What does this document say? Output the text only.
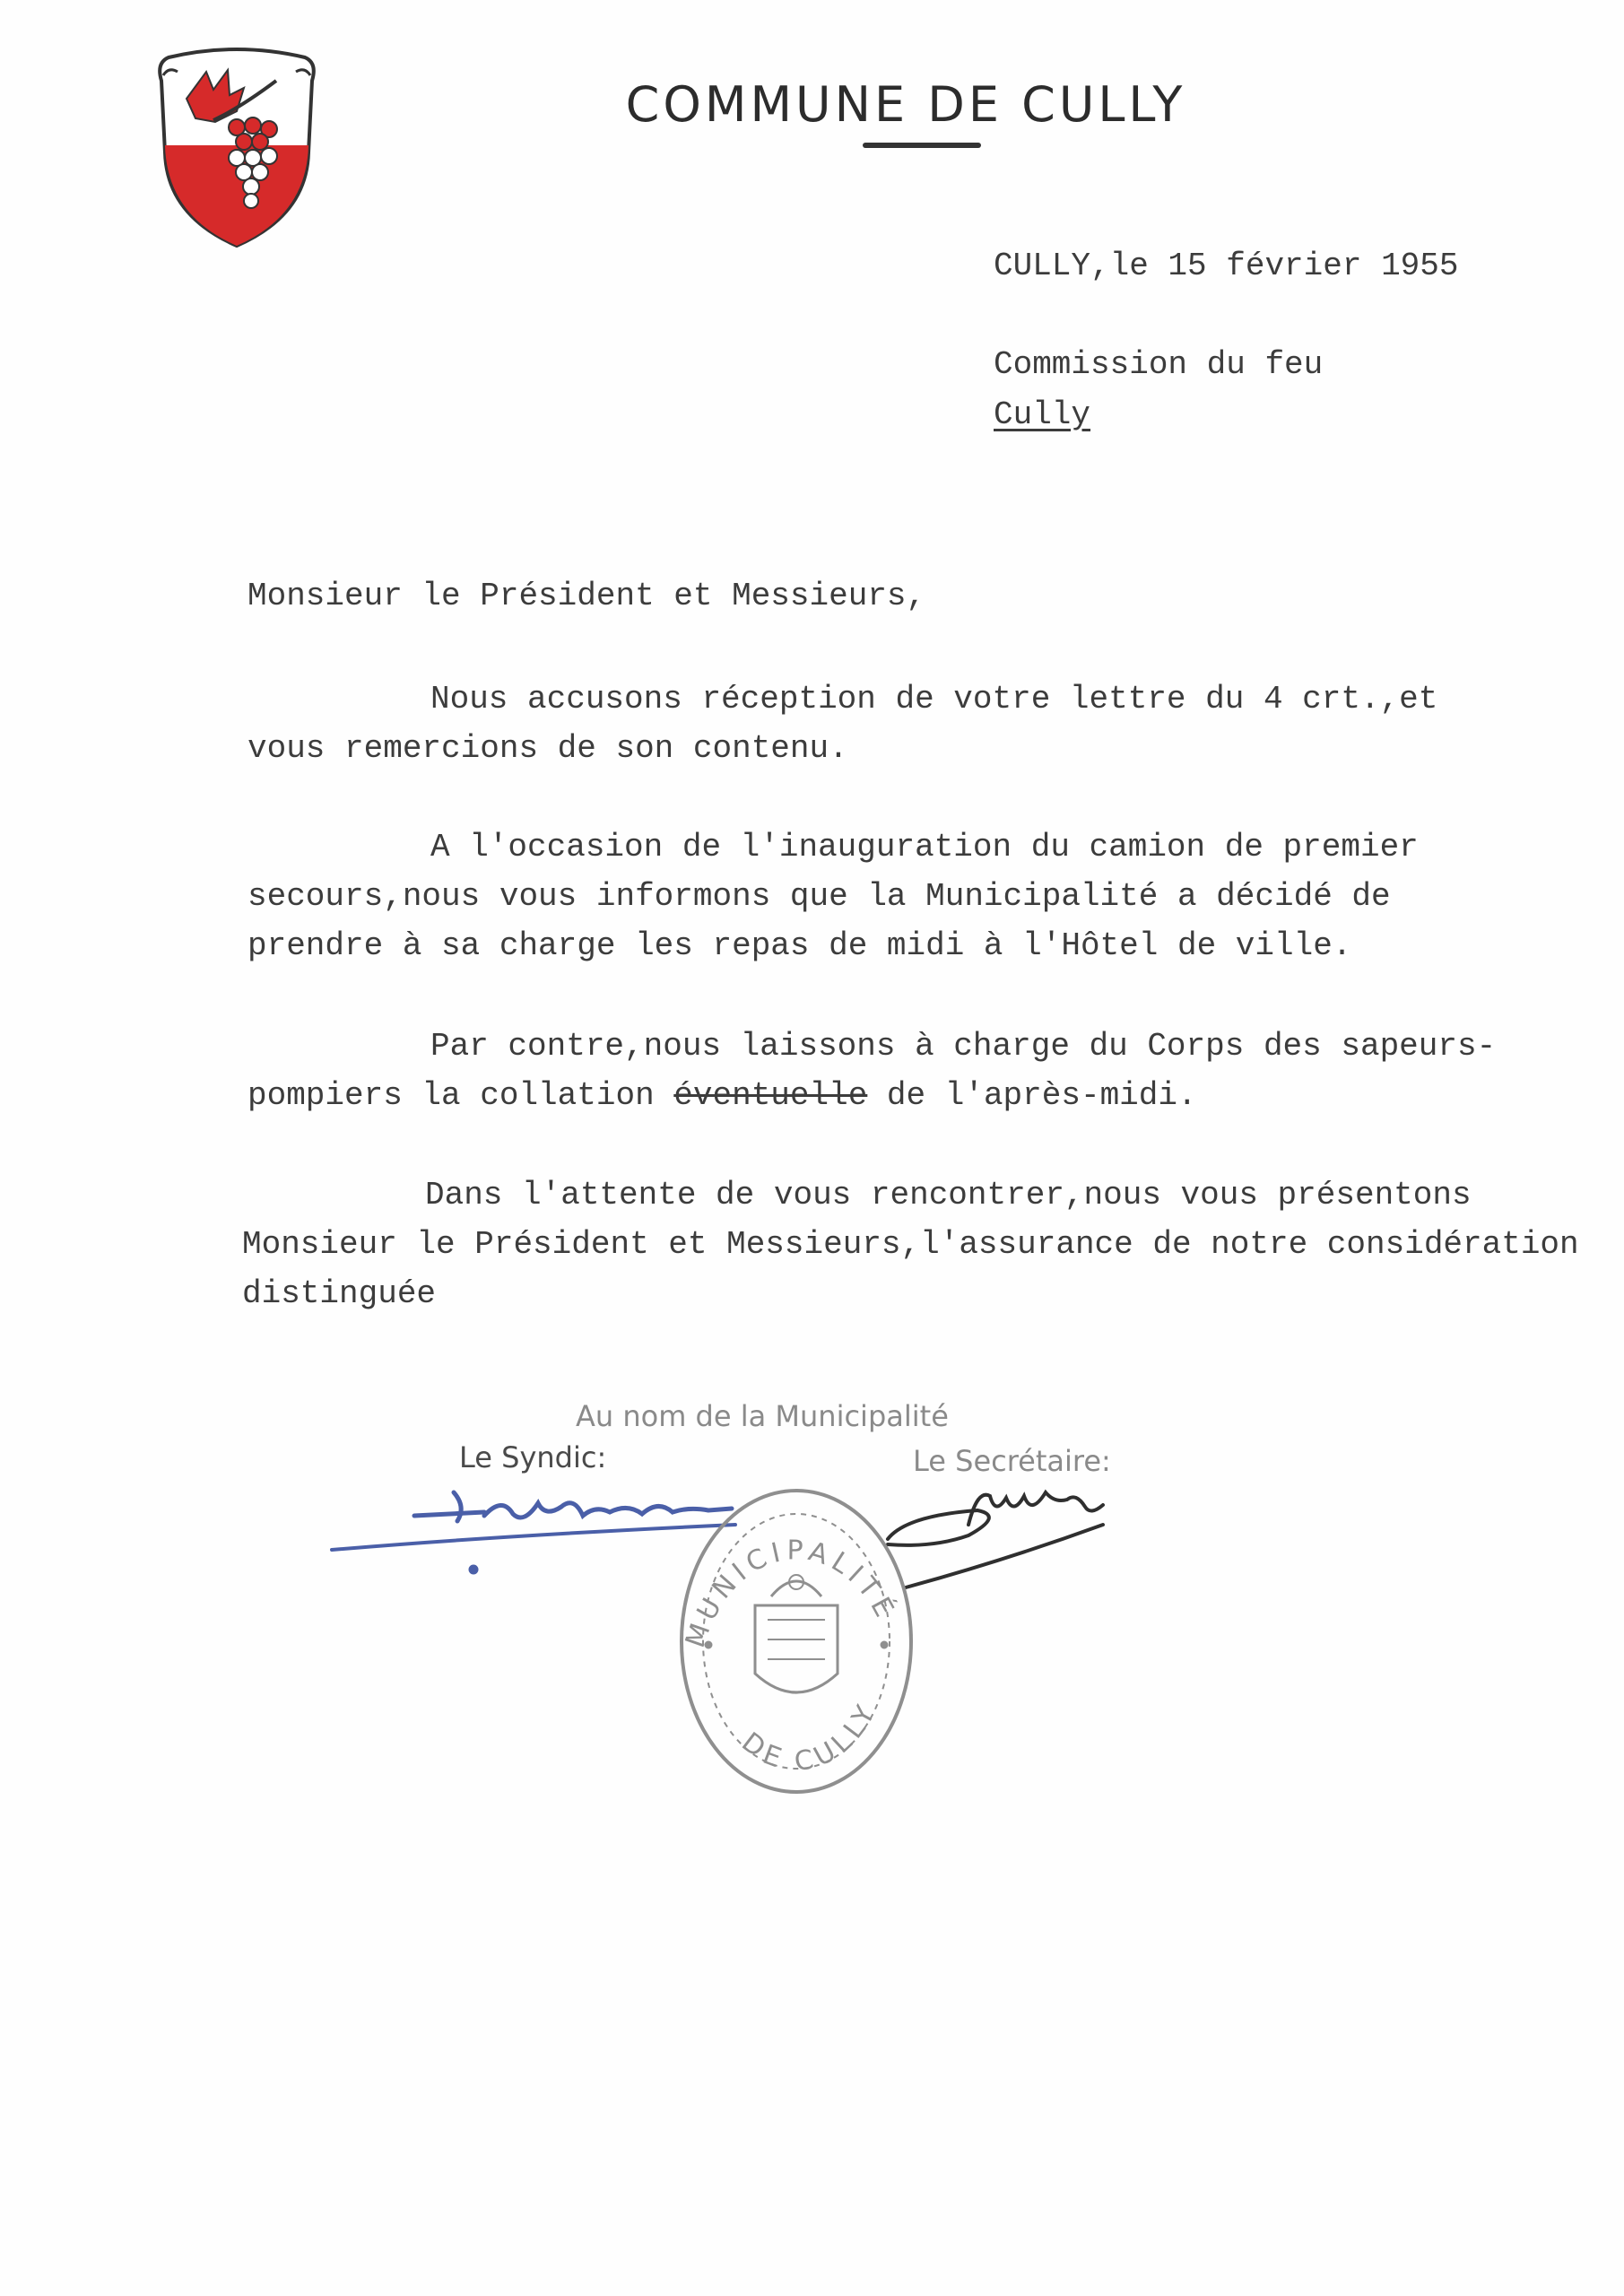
COMMUNE DE CULLY
CULLY,le 15 février 1955
Commission du feu
Cully
Monsieur le Président et Messieurs,
Nous accusons réception de votre lettre du 4 crt.,et
vous remercions de son contenu.
A l'occasion de l'inauguration du camion de premier
secours,nous vous informons que la Municipalité a décidé de
prendre à sa charge les repas de midi à l'Hôtel de ville.
Par contre,nous laissons à charge du Corps des sapeurs-
pompiers la collation éventuelle de l'après-midi.
Dans l'attente de vous rencontrer,nous vous présentons
Monsieur le Président et Messieurs,l'assurance de notre considération
distinguée
Au nom de la Municipalité
Le Syndic:	Le Secrétaire:
MUNICIPALITÉ
DE CULLY
